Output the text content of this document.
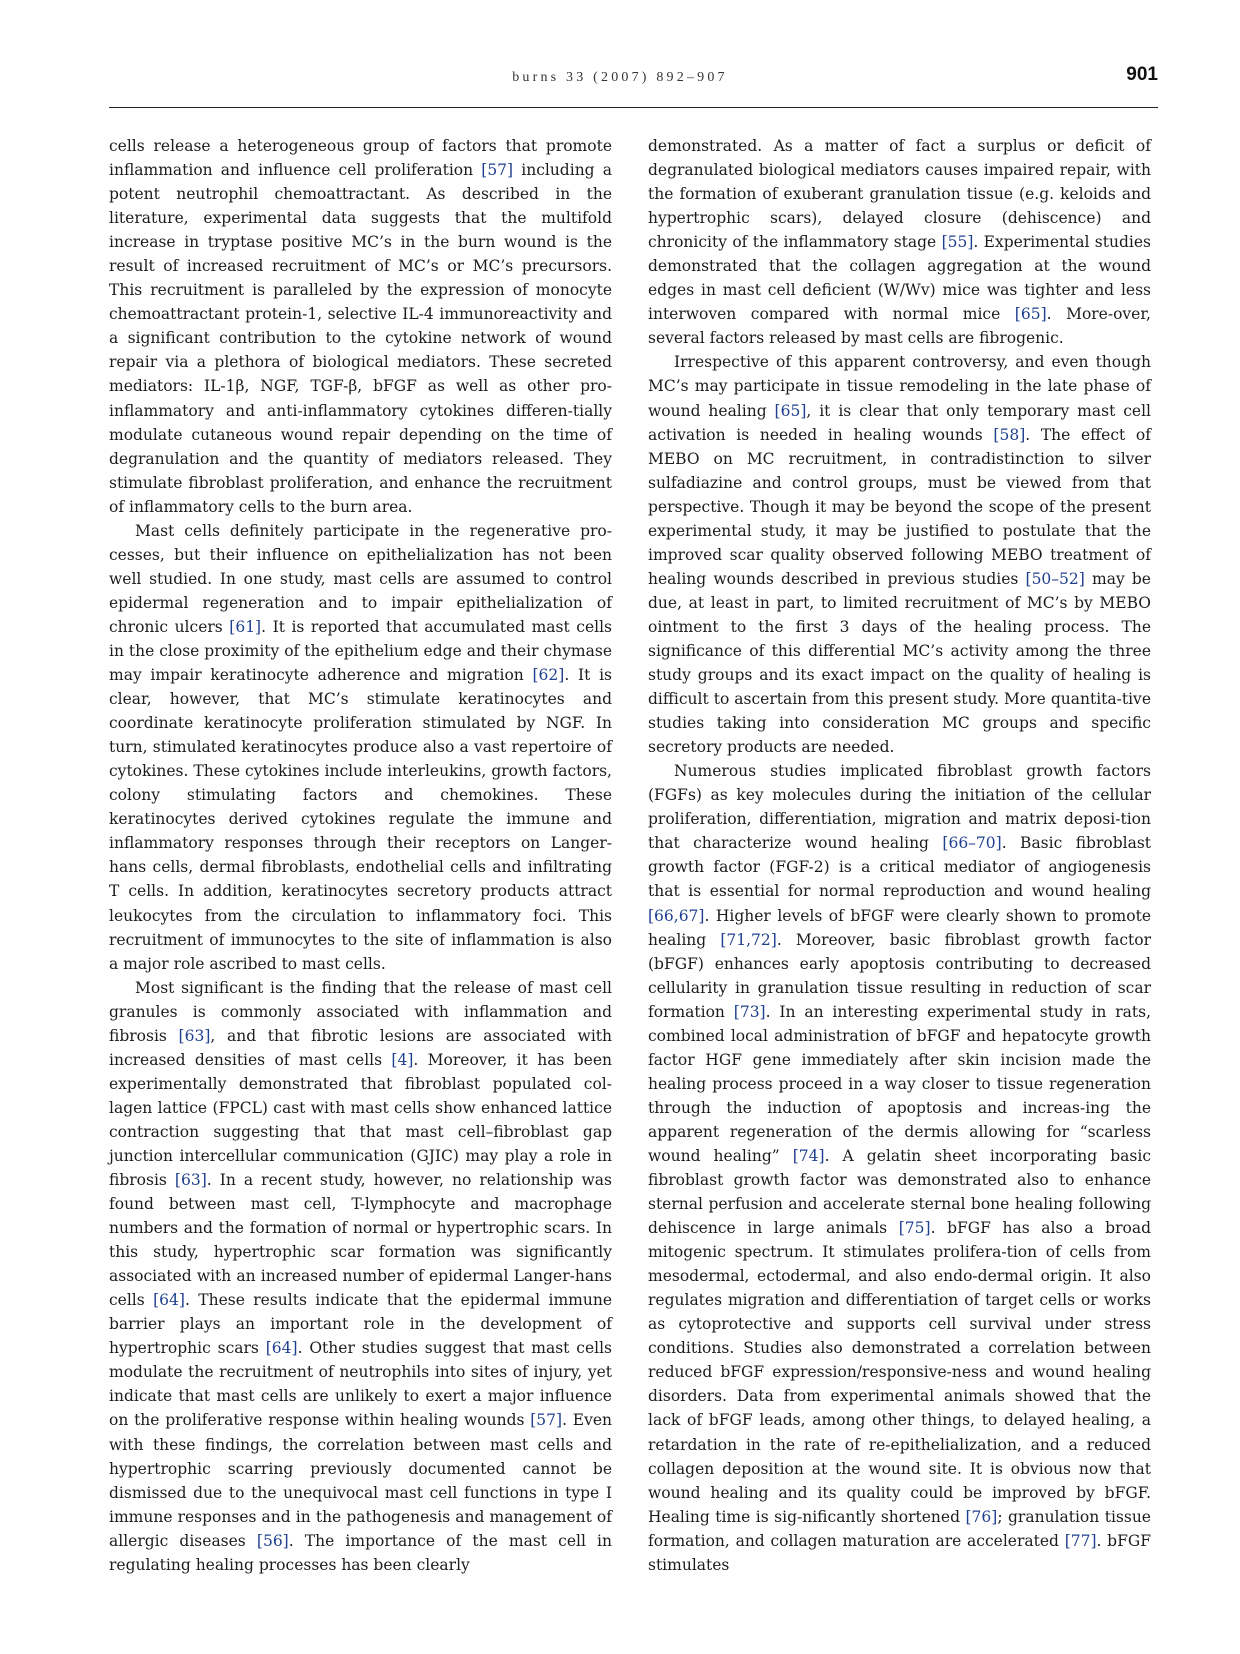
burns 33 (2007) 892–907	901

cells release a heterogeneous group of factors that promote inflammation and influence cell proliferation [57] including a potent neutrophil chemoattractant. As described in the literature, experimental data suggests that the multifold increase in tryptase positive MC’s in the burn wound is the result of increased recruitment of MC’s or MC’s precursors. This recruitment is paralleled by the expression of monocyte chemoattractant protein-1, selective IL-4 immunoreactivity and a significant contribution to the cytokine network of wound repair via a plethora of biological mediators. These secreted mediators: IL-1β, NGF, TGF-β, bFGF as well as other pro-inflammatory and anti-inflammatory cytokines differen-tially modulate cutaneous wound repair depending on the time of degranulation and the quantity of mediators released. They stimulate fibroblast proliferation, and enhance the recruitment of inflammatory cells to the burn area.

Mast cells definitely participate in the regenerative pro-cesses, but their influence on epithelialization has not been well studied. In one study, mast cells are assumed to control epidermal regeneration and to impair epithelialization of chronic ulcers [61]. It is reported that accumulated mast cells in the close proximity of the epithelium edge and their chymase may impair keratinocyte adherence and migration [62]. It is clear, however, that MC’s stimulate keratinocytes and coordinate keratinocyte proliferation stimulated by NGF. In turn, stimulated keratinocytes produce also a vast repertoire of cytokines. These cytokines include interleukins, growth factors, colony stimulating factors and chemokines. These keratinocytes derived cytokines regulate the immune and inflammatory responses through their receptors on Langer-hans cells, dermal fibroblasts, endothelial cells and infiltrating T cells. In addition, keratinocytes secretory products attract leukocytes from the circulation to inflammatory foci. This recruitment of immunocytes to the site of inflammation is also a major role ascribed to mast cells.

Most significant is the finding that the release of mast cell granules is commonly associated with inflammation and fibrosis [63], and that fibrotic lesions are associated with increased densities of mast cells [4]. Moreover, it has been experimentally demonstrated that fibroblast populated col-lagen lattice (FPCL) cast with mast cells show enhanced lattice contraction suggesting that that mast cell–fibroblast gap junction intercellular communication (GJIC) may play a role in fibrosis [63]. In a recent study, however, no relationship was found between mast cell, T-lymphocyte and macrophage numbers and the formation of normal or hypertrophic scars. In this study, hypertrophic scar formation was significantly associated with an increased number of epidermal Langer-hans cells [64]. These results indicate that the epidermal immune barrier plays an important role in the development of hypertrophic scars [64]. Other studies suggest that mast cells modulate the recruitment of neutrophils into sites of injury, yet indicate that mast cells are unlikely to exert a major influence on the proliferative response within healing wounds [57]. Even with these findings, the correlation between mast cells and hypertrophic scarring previously documented cannot be dismissed due to the unequivocal mast cell functions in type I immune responses and in the pathogenesis and management of allergic diseases [56]. The importance of the mast cell in regulating healing processes has been clearly

demonstrated. As a matter of fact a surplus or deficit of degranulated biological mediators causes impaired repair, with the formation of exuberant granulation tissue (e.g. keloids and hypertrophic scars), delayed closure (dehiscence) and chronicity of the inflammatory stage [55]. Experimental studies demonstrated that the collagen aggregation at the wound edges in mast cell deficient (W/Wv) mice was tighter and less interwoven compared with normal mice [65]. More-over, several factors released by mast cells are fibrogenic.

Irrespective of this apparent controversy, and even though MC’s may participate in tissue remodeling in the late phase of wound healing [65], it is clear that only temporary mast cell activation is needed in healing wounds [58]. The effect of MEBO on MC recruitment, in contradistinction to silver sulfadiazine and control groups, must be viewed from that perspective. Though it may be beyond the scope of the present experimental study, it may be justified to postulate that the improved scar quality observed following MEBO treatment of healing wounds described in previous studies [50–52] may be due, at least in part, to limited recruitment of MC’s by MEBO ointment to the first 3 days of the healing process. The significance of this differential MC’s activity among the three study groups and its exact impact on the quality of healing is difficult to ascertain from this present study. More quantita-tive studies taking into consideration MC groups and specific secretory products are needed.

Numerous studies implicated fibroblast growth factors (FGFs) as key molecules during the initiation of the cellular proliferation, differentiation, migration and matrix deposi-tion that characterize wound healing [66–70]. Basic fibroblast growth factor (FGF-2) is a critical mediator of angiogenesis that is essential for normal reproduction and wound healing [66,67]. Higher levels of bFGF were clearly shown to promote healing [71,72]. Moreover, basic fibroblast growth factor (bFGF) enhances early apoptosis contributing to decreased cellularity in granulation tissue resulting in reduction of scar formation [73]. In an interesting experimental study in rats, combined local administration of bFGF and hepatocyte growth factor HGF gene immediately after skin incision made the healing process proceed in a way closer to tissue regeneration through the induction of apoptosis and increas-ing the apparent regeneration of the dermis allowing for “scarless wound healing” [74]. A gelatin sheet incorporating basic fibroblast growth factor was demonstrated also to enhance sternal perfusion and accelerate sternal bone healing following dehiscence in large animals [75]. bFGF has also a broad mitogenic spectrum. It stimulates prolifera-tion of cells from mesodermal, ectodermal, and also endo-dermal origin. It also regulates migration and differentiation of target cells or works as cytoprotective and supports cell survival under stress conditions. Studies also demonstrated a correlation between reduced bFGF expression/responsive-ness and wound healing disorders. Data from experimental animals showed that the lack of bFGF leads, among other things, to delayed healing, a retardation in the rate of re-epithelialization, and a reduced collagen deposition at the wound site. It is obvious now that wound healing and its quality could be improved by bFGF. Healing time is sig-nificantly shortened [76]; granulation tissue formation, and collagen maturation are accelerated [77]. bFGF stimulates
